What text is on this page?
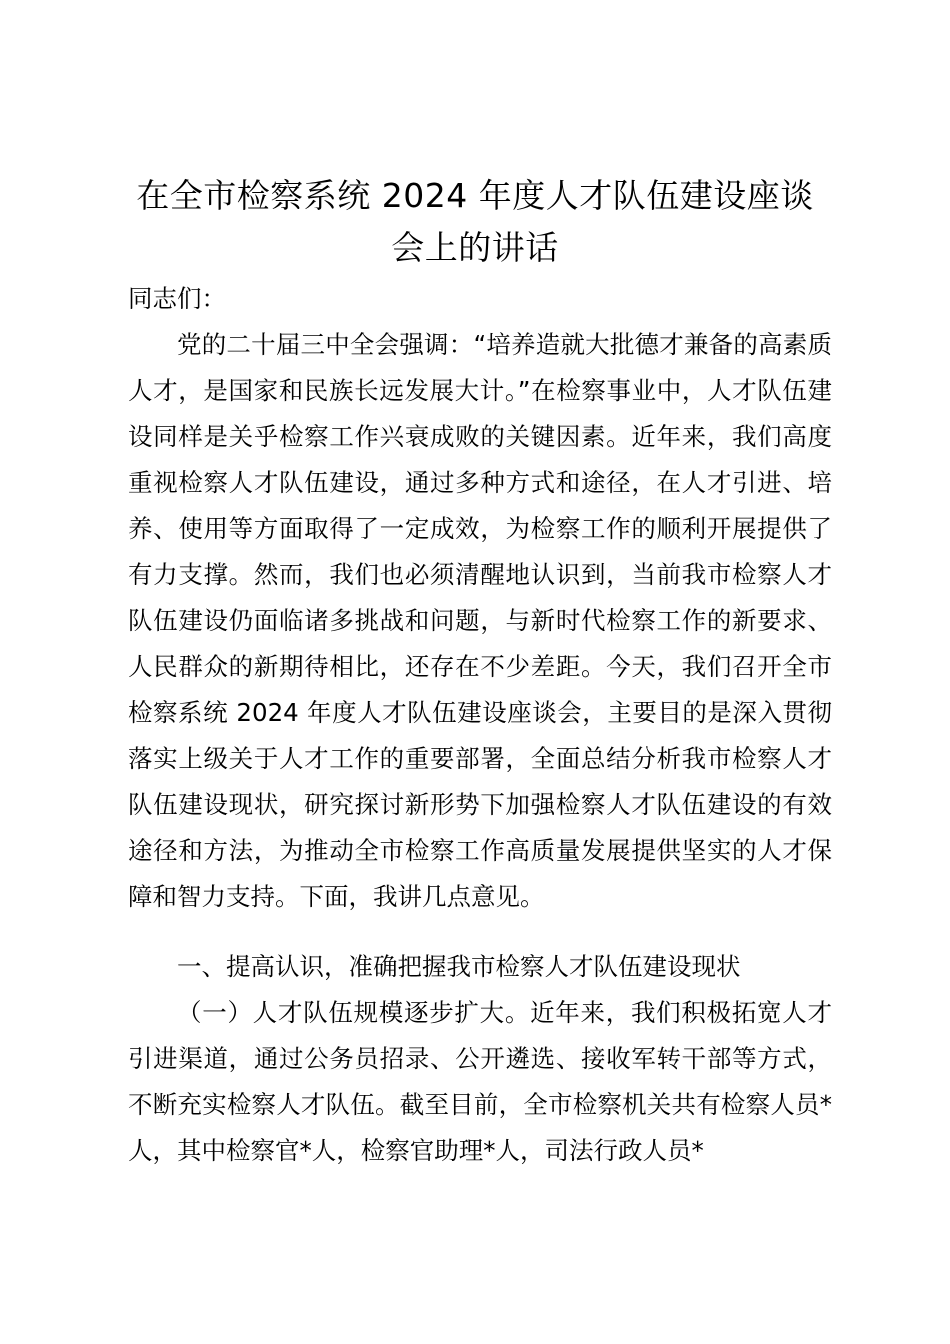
在全市检察系统 2024 年度人才队伍建设座谈会上的讲话

同志们：

党的二十届三中全会强调：“培养造就大批德才兼备的高素质人才，是国家和民族长远发展大计。”在检察事业中，人才队伍建设同样是关乎检察工作兴衰成败的关键因素。近年来，我们高度重视检察人才队伍建设，通过多种方式和途径，在人才引进、培养、使用等方面取得了一定成效，为检察工作的顺利开展提供了有力支撑。然而，我们也必须清醒地认识到，当前我市检察人才队伍建设仍面临诸多挑战和问题，与新时代检察工作的新要求、人民群众的新期待相比，还存在不少差距。今天，我们召开全市检察系统 2024 年度人才队伍建设座谈会，主要目的是深入贯彻落实上级关于人才工作的重要部署，全面总结分析我市检察人才队伍建设现状，研究探讨新形势下加强检察人才队伍建设的有效途径和方法，为推动全市检察工作高质量发展提供坚实的人才保障和智力支持。下面，我讲几点意见。

一、提高认识，准确把握我市检察人才队伍建设现状

（一）人才队伍规模逐步扩大。近年来，我们积极拓宽人才引进渠道，通过公务员招录、公开遴选、接收军转干部等方式，不断充实检察人才队伍。截至目前，全市检察机关共有检察人员*人，其中检察官*人，检察官助理*人，司法行政人员*
